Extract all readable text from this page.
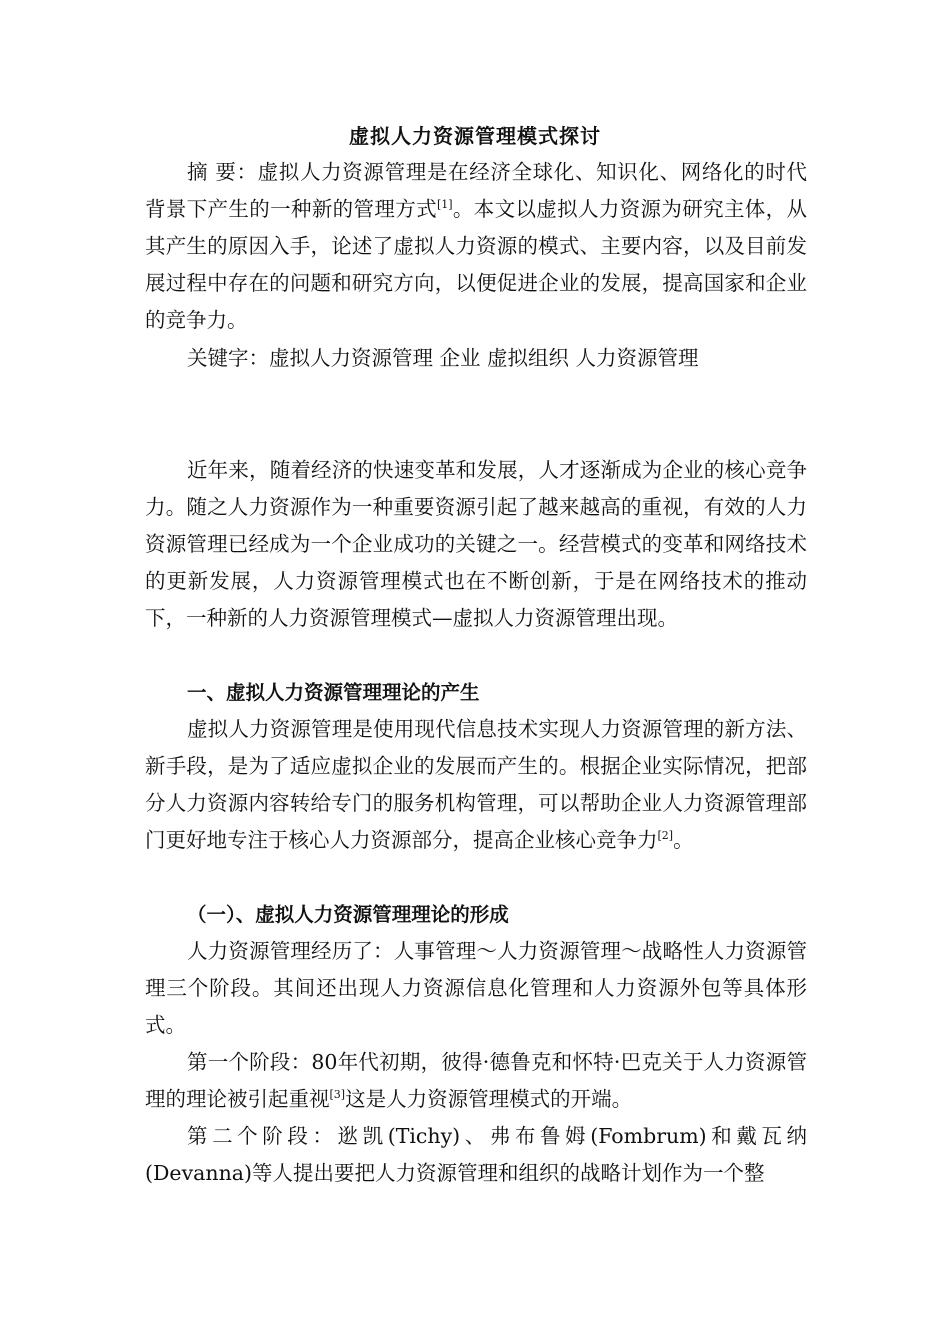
虚拟人力资源管理模式探讨

摘 要：虚拟人力资源管理是在经济全球化、知识化、网络化的时代背景下产生的一种新的管理方式[1]。本文以虚拟人力资源为研究主体，从其产生的原因入手，论述了虚拟人力资源的模式、主要内容，以及目前发展过程中存在的问题和研究方向，以便促进企业的发展，提高国家和企业的竞争力。

关键字：虚拟人力资源管理 企业 虚拟组织 人力资源管理

近年来，随着经济的快速变革和发展，人才逐渐成为企业的核心竞争力。随之人力资源作为一种重要资源引起了越来越高的重视，有效的人力资源管理已经成为一个企业成功的关键之一。经营模式的变革和网络技术的更新发展，人力资源管理模式也在不断创新，于是在网络技术的推动下，一种新的人力资源管理模式—虚拟人力资源管理出现。

一、虚拟人力资源管理理论的产生

虚拟人力资源管理是使用现代信息技术实现人力资源管理的新方法、新手段，是为了适应虚拟企业的发展而产生的。根据企业实际情况，把部分人力资源内容转给专门的服务机构管理，可以帮助企业人力资源管理部门更好地专注于核心人力资源部分，提高企业核心竞争力[2]。

（一）、虚拟人力资源管理理论的形成

人力资源管理经历了：人事管理～人力资源管理～战略性人力资源管理三个阶段。其间还出现人力资源信息化管理和人力资源外包等具体形式。

第一个阶段：80年代初期，彼得·德鲁克和怀特·巴克关于人力资源管理的理论被引起重视[3]这是人力资源管理模式的开端。

第二个阶段：逖凯(Tichy)、弗布鲁姆(Fombrum)和戴瓦纳(Devanna)等人提出要把人力资源管理和组织的战略计划作为一个整
